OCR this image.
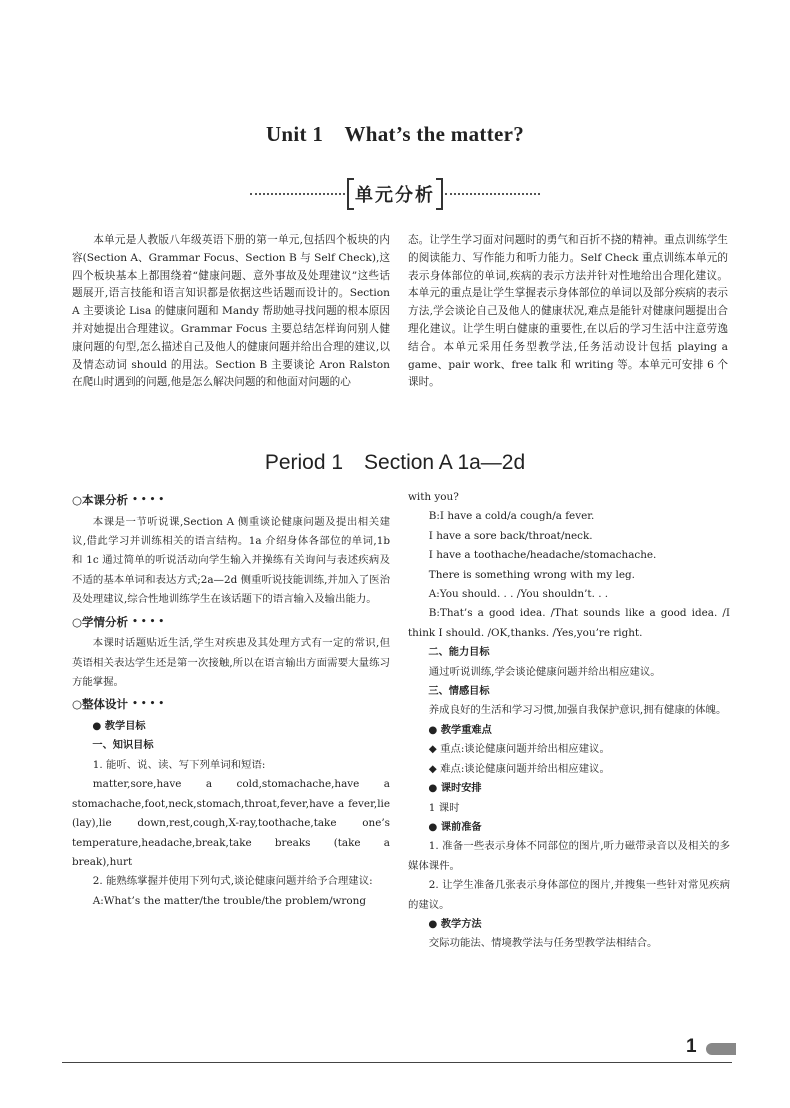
Unit 1　What’s the matter?
单元分析

本单元是人教版八年级英语下册的第一单元,包括四个板块的内容(Section A、Grammar Focus、Section B 与 Self Check),这四个板块基本上都围绕着“健康问题、意外事故及处理建议”这些话题展开,语言技能和语言知识都是依据这些话题而设计的。Section A 主要谈论 Lisa 的健康问题和 Mandy 帮助她寻找问题的根本原因并对她提出合理建议。Grammar Focus 主要总结怎样询问别人健康问题的句型,怎么描述自己及他人的健康问题并给出合理的建议,以及情态动词 should 的用法。Section B 主要谈论 Aron Ralston 在爬山时遇到的问题,他是怎么解决问题的和他面对问题的心

态。让学生学习面对问题时的勇气和百折不挠的精神。重点训练学生的阅读能力、写作能力和听力能力。Self Check 重点训练本单元的表示身体部位的单词,疾病的表示方法并针对性地给出合理化建议。本单元的重点是让学生掌握表示身体部位的单词以及部分疾病的表示方法,学会谈论自己及他人的健康状况,难点是能针对健康问题提出合理化建议。让学生明白健康的重要性,在以后的学习生活中注意劳逸结合。本单元采用任务型教学法,任务活动设计包括 playing a game、pair work、free talk 和 writing 等。本单元可安排 6 个课时。

Period 1　Section A 1a—2d

○本课分析 ••••

本课是一节听说课,Section A 侧重谈论健康问题及提出相关建议,借此学习并训练相关的语言结构。1a 介绍身体各部位的单词,1b 和 1c 通过简单的听说活动向学生输入并操练有关询问与表述疾病及不适的基本单词和表达方式;2a—2d 侧重听说技能训练,并加入了医治及处理建议,综合性地训练学生在该话题下的语言输入及输出能力。

○学情分析 ••••

本课时话题贴近生活,学生对疾患及其处理方式有一定的常识,但英语相关表达学生还是第一次接触,所以在语言输出方面需要大量练习方能掌握。

○整体设计 ••••

● 教学目标

一、知识目标

1. 能听、说、读、写下列单词和短语:

matter,sore,have a cold,stomachache,have a stomachache,foot,neck,stomach,throat,fever,have a fever,lie (lay),lie down,rest,cough,X-ray,toothache,take one’s temperature,headache,break,take breaks (take a break),hurt

2. 能熟练掌握并使用下列句式,谈论健康问题并给予合理建议:

A:What’s the matter/the trouble/the problem/wrong

with you?

B:I have a cold/a cough/a fever.

I have a sore back/throat/neck.

I have a toothache/headache/stomachache.

There is something wrong with my leg.

A:You should. . . /You shouldn’t. . .

B:That’s a good idea. /That sounds like a good idea. /I think I should. /OK,thanks. /Yes,you’re right.

二、能力目标

通过听说训练,学会谈论健康问题并给出相应建议。

三、情感目标

养成良好的生活和学习习惯,加强自我保护意识,拥有健康的体魄。

● 教学重难点

◆ 重点:谈论健康问题并给出相应建议。

◆ 难点:谈论健康问题并给出相应建议。

● 课时安排

1 课时

● 课前准备

1. 准备一些表示身体不同部位的图片,听力磁带录音以及相关的多媒体课件。

2. 让学生准备几张表示身体部位的图片,并搜集一些针对常见疾病的建议。

● 教学方法

交际功能法、情境教学法与任务型教学法相结合。

1
